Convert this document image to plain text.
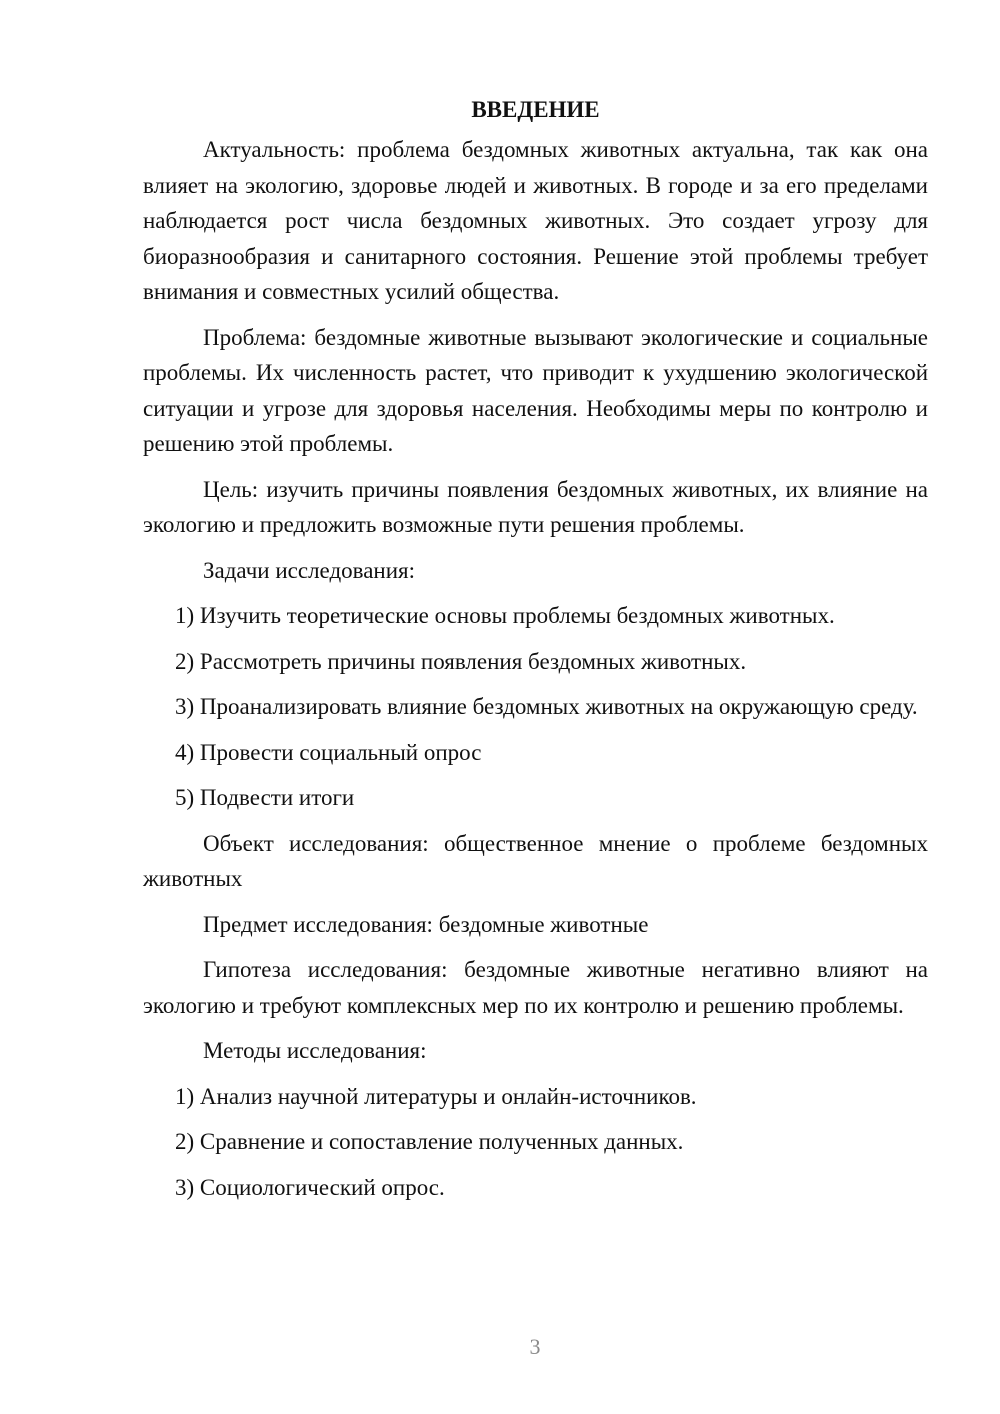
ВВЕДЕНИЕ

Актуальность: проблема бездомных животных актуальна, так как она влияет на экологию, здоровье людей и животных. В городе и за его пределами наблюдается рост числа бездомных животных. Это создает угрозу для биоразнообразия и санитарного состояния. Решение этой проблемы требует внимания и совместных усилий общества.

Проблема: бездомные животные вызывают экологические и социальные проблемы. Их численность растет, что приводит к ухудшению экологической ситуации и угрозе для здоровья населения. Необходимы меры по контролю и решению этой проблемы.

Цель: изучить причины появления бездомных животных, их влияние на экологию и предложить возможные пути решения проблемы.

Задачи исследования:

1) Изучить теоретические основы проблемы бездомных животных.

2) Рассмотреть причины появления бездомных животных.

3) Проанализировать влияние бездомных животных на окружающую среду.

4) Провести социальный опрос

5) Подвести итоги

Объект исследования: общественное мнение о проблеме бездомных животных

Предмет исследования: бездомные животные

Гипотеза исследования: бездомные животные негативно влияют на экологию и требуют комплексных мер по их контролю и решению проблемы.

Методы исследования:

1) Анализ научной литературы и онлайн-источников.

2) Сравнение и сопоставление полученных данных.

3) Социологический опрос.

3
